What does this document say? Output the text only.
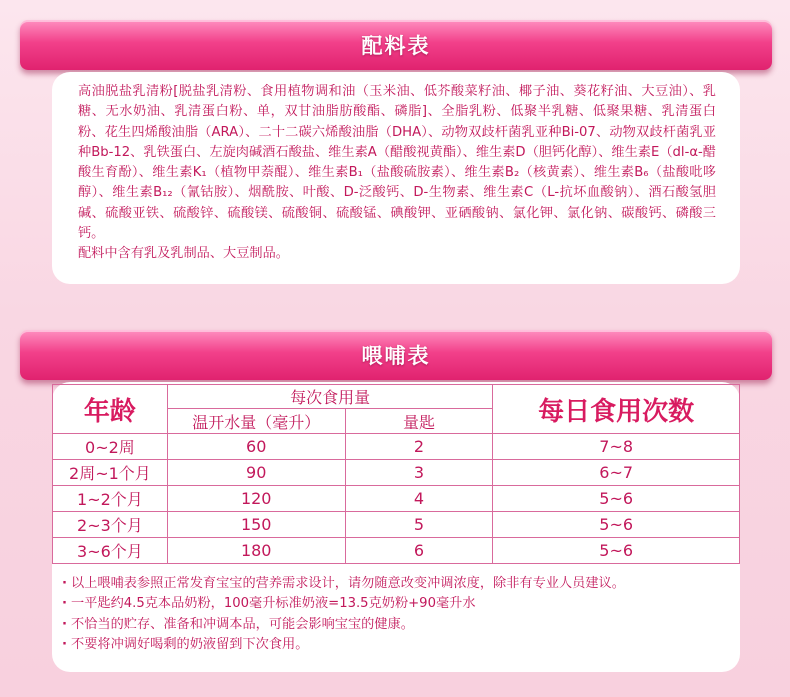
配料表

高油脱盐乳清粉[脱盐乳清粉、食用植物调和油（玉米油、低芥酸菜籽油、椰子油、葵花籽油、大豆油）、乳糖、无水奶油、乳清蛋白粉、单，双甘油脂肪酸酯、磷脂]、全脂乳粉、低聚半乳糖、低聚果糖、乳清蛋白粉、花生四烯酸油脂（ARA）、二十二碳六烯酸油脂（DHA）、动物双歧杆菌乳亚种Bi-07、动物双歧杆菌乳亚种Bb-12、乳铁蛋白、左旋肉碱酒石酸盐、维生素A（醋酸视黄酯）、维生素D（胆钙化醇）、维生素E（dl-α-醋酸生育酚）、维生素K₁（植物甲萘醌）、维生素B₁（盐酸硫胺素）、维生素B₂（核黄素）、维生素B₆（盐酸吡哆醇）、维生素B₁₂（氰钴胺）、烟酰胺、叶酸、D-泛酸钙、D-生物素、维生素C（L-抗坏血酸钠）、酒石酸氢胆碱、硫酸亚铁、硫酸锌、硫酸镁、硫酸铜、硫酸锰、碘酸钾、亚硒酸钠、氯化钾、氯化钠、碳酸钙、磷酸三钙。

配料中含有乳及乳制品、大豆制品。

喂哺表
年龄	每次食用量		每日食用次数
	温开水量（毫升）	量匙	
0~2周	60	2	7~8
2周~1个月	90	3	6~7
1~2个月	120	4	5~6
2~3个月	150	5	5~6
3~6个月	180	6	5~6
· 以上喂哺表参照正常发育宝宝的营养需求设计，请勿随意改变冲调浓度，除非有专业人员建议。
· 一平匙约4.5克本品奶粉，100毫升标准奶液=13.5克奶粉+90毫升水
· 不恰当的贮存、准备和冲调本品，可能会影响宝宝的健康。
· 不要将冲调好喝剩的奶液留到下次食用。
